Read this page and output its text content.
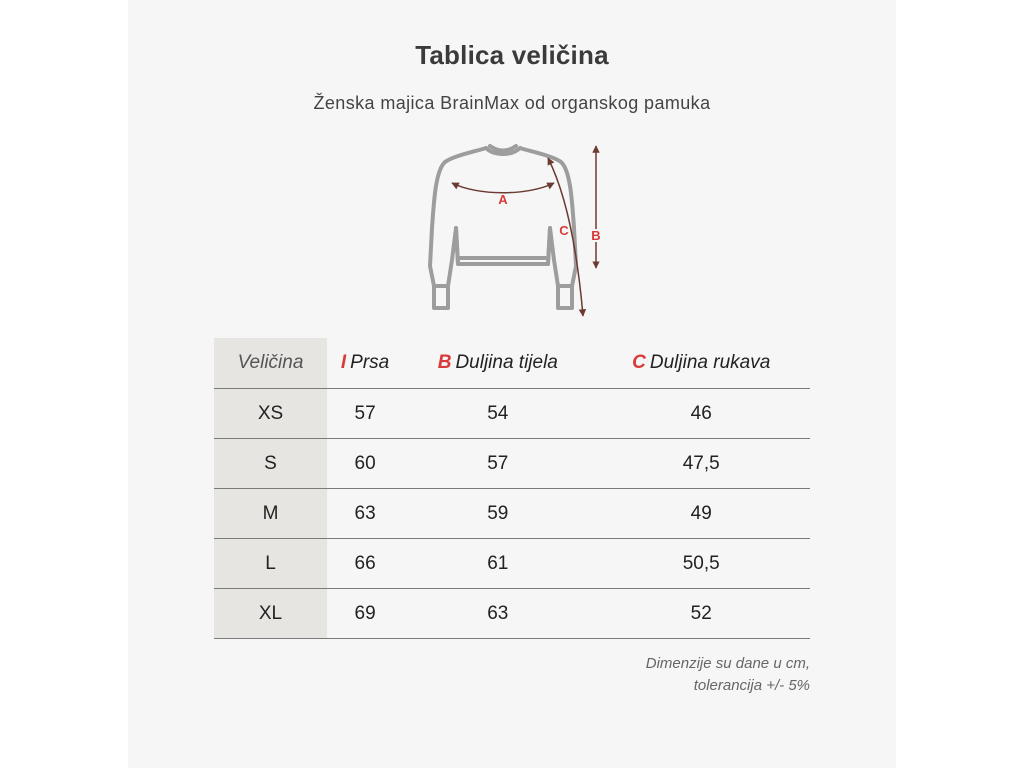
Tablica veličina
Ženska majica BrainMax od organskog pamuka
A
C B
Veličina	I Prsa	B Duljina tijela	C Duljina rukava
XS	57	54	46
S	60	57	47,5
M	63	59	49
L	66	61	50,5
XL	69	63	52
Dimenzije su dane u cm,
tolerancija +/- 5%
